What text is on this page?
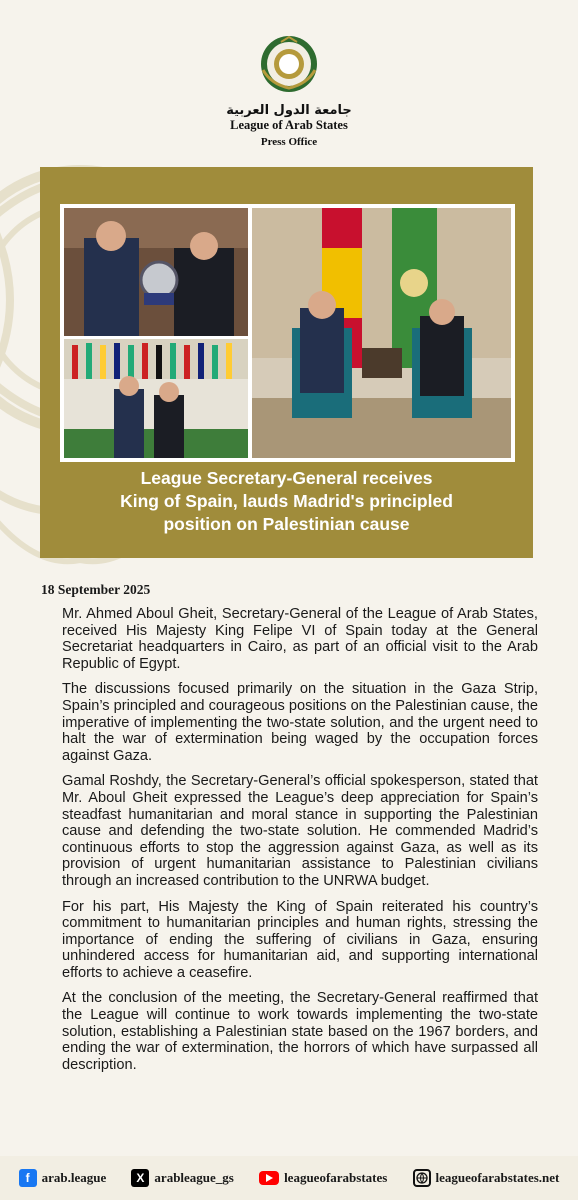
جامعة الدول العربية
League of Arab States
Press Office
League Secretary-General receives
King of Spain, lauds Madrid's principled
position on Palestinian cause
18 September 2025

Mr. Ahmed Aboul Gheit, Secretary-General of the League of Arab States, received His Majesty King Felipe VI of Spain today at the General Secretariat headquarters in Cairo, as part of an official visit to the Arab Republic of Egypt.

The discussions focused primarily on the situation in the Gaza Strip, Spain’s principled and courageous positions on the Palestinian cause, the imperative of implementing the two-state solution, and the urgent need to halt the war of extermination being waged by the occupation forces against Gaza.

Gamal Roshdy, the Secretary-General’s official spokesperson, stated that Mr. Aboul Gheit expressed the League’s deep appreciation for Spain’s steadfast humanitarian and moral stance in supporting the Palestinian cause and defending the two-state solution. He commended Madrid’s continuous efforts to stop the aggression against Gaza, as well as its provision of urgent humanitarian assistance to Palestinian civilians through an increased contribution to the UNRWA budget.

For his part, His Majesty the King of Spain reiterated his country’s commitment to humanitarian principles and human rights, stressing the importance of ending the suffering of civilians in Gaza, ensuring unhindered access for humanitarian aid, and supporting international efforts to achieve a ceasefire.

At the conclusion of the meeting, the Secretary-General reaffirmed that the League will continue to work towards implementing the two-state solution, establishing a Palestinian state based on the 1967 borders, and ending the war of extermination, the horrors of which have surpassed all description.

f arab.league	X arableague_gs	leagueofarabstates	leagueofarabstates.net
